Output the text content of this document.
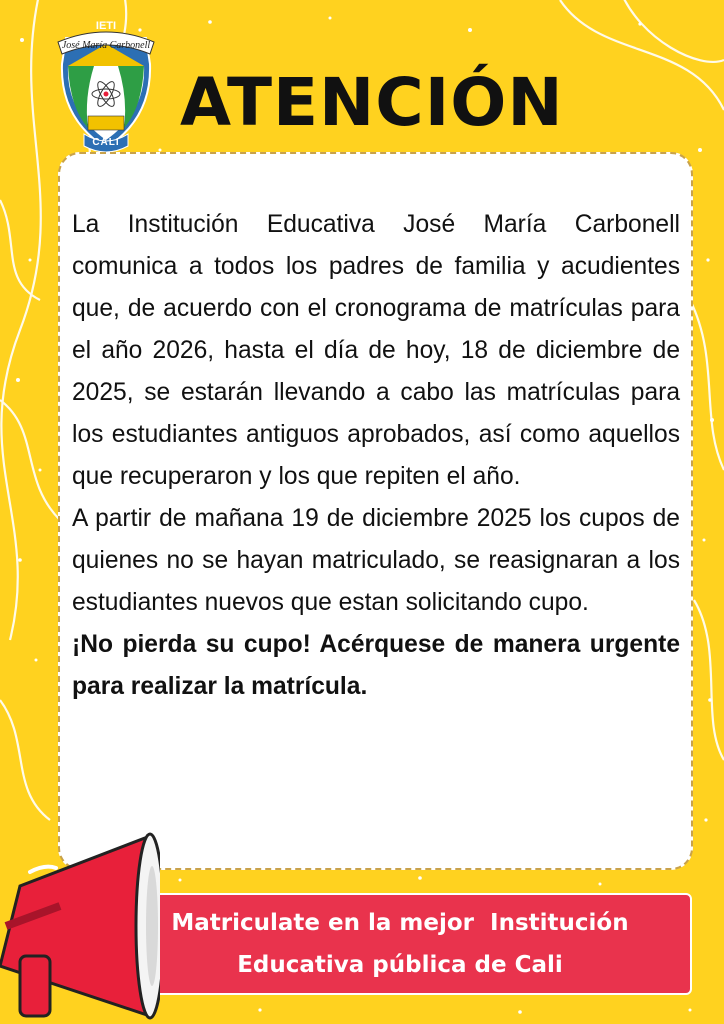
IETI
José María Carbonell
CALI
ATENCIÓN

La Institución Educativa José María Carbonell comunica a todos los padres de familia y acudientes que, de acuerdo con el cronograma de matrículas para el año 2026, hasta el día de hoy, 18 de diciembre de 2025, se estarán llevando a cabo las matrículas para los estudiantes antiguos aprobados, así como aquellos que recuperaron y los que repiten el año.

A partir de mañana 19 de diciembre 2025 los cupos de quienes no se hayan matriculado, se reasignaran a los estudiantes nuevos que estan solicitando cupo.

¡No pierda su cupo! Acérquese de manera urgente para realizar la matrícula.

Matriculate en la mejor  Institución
Educativa pública de Cali
